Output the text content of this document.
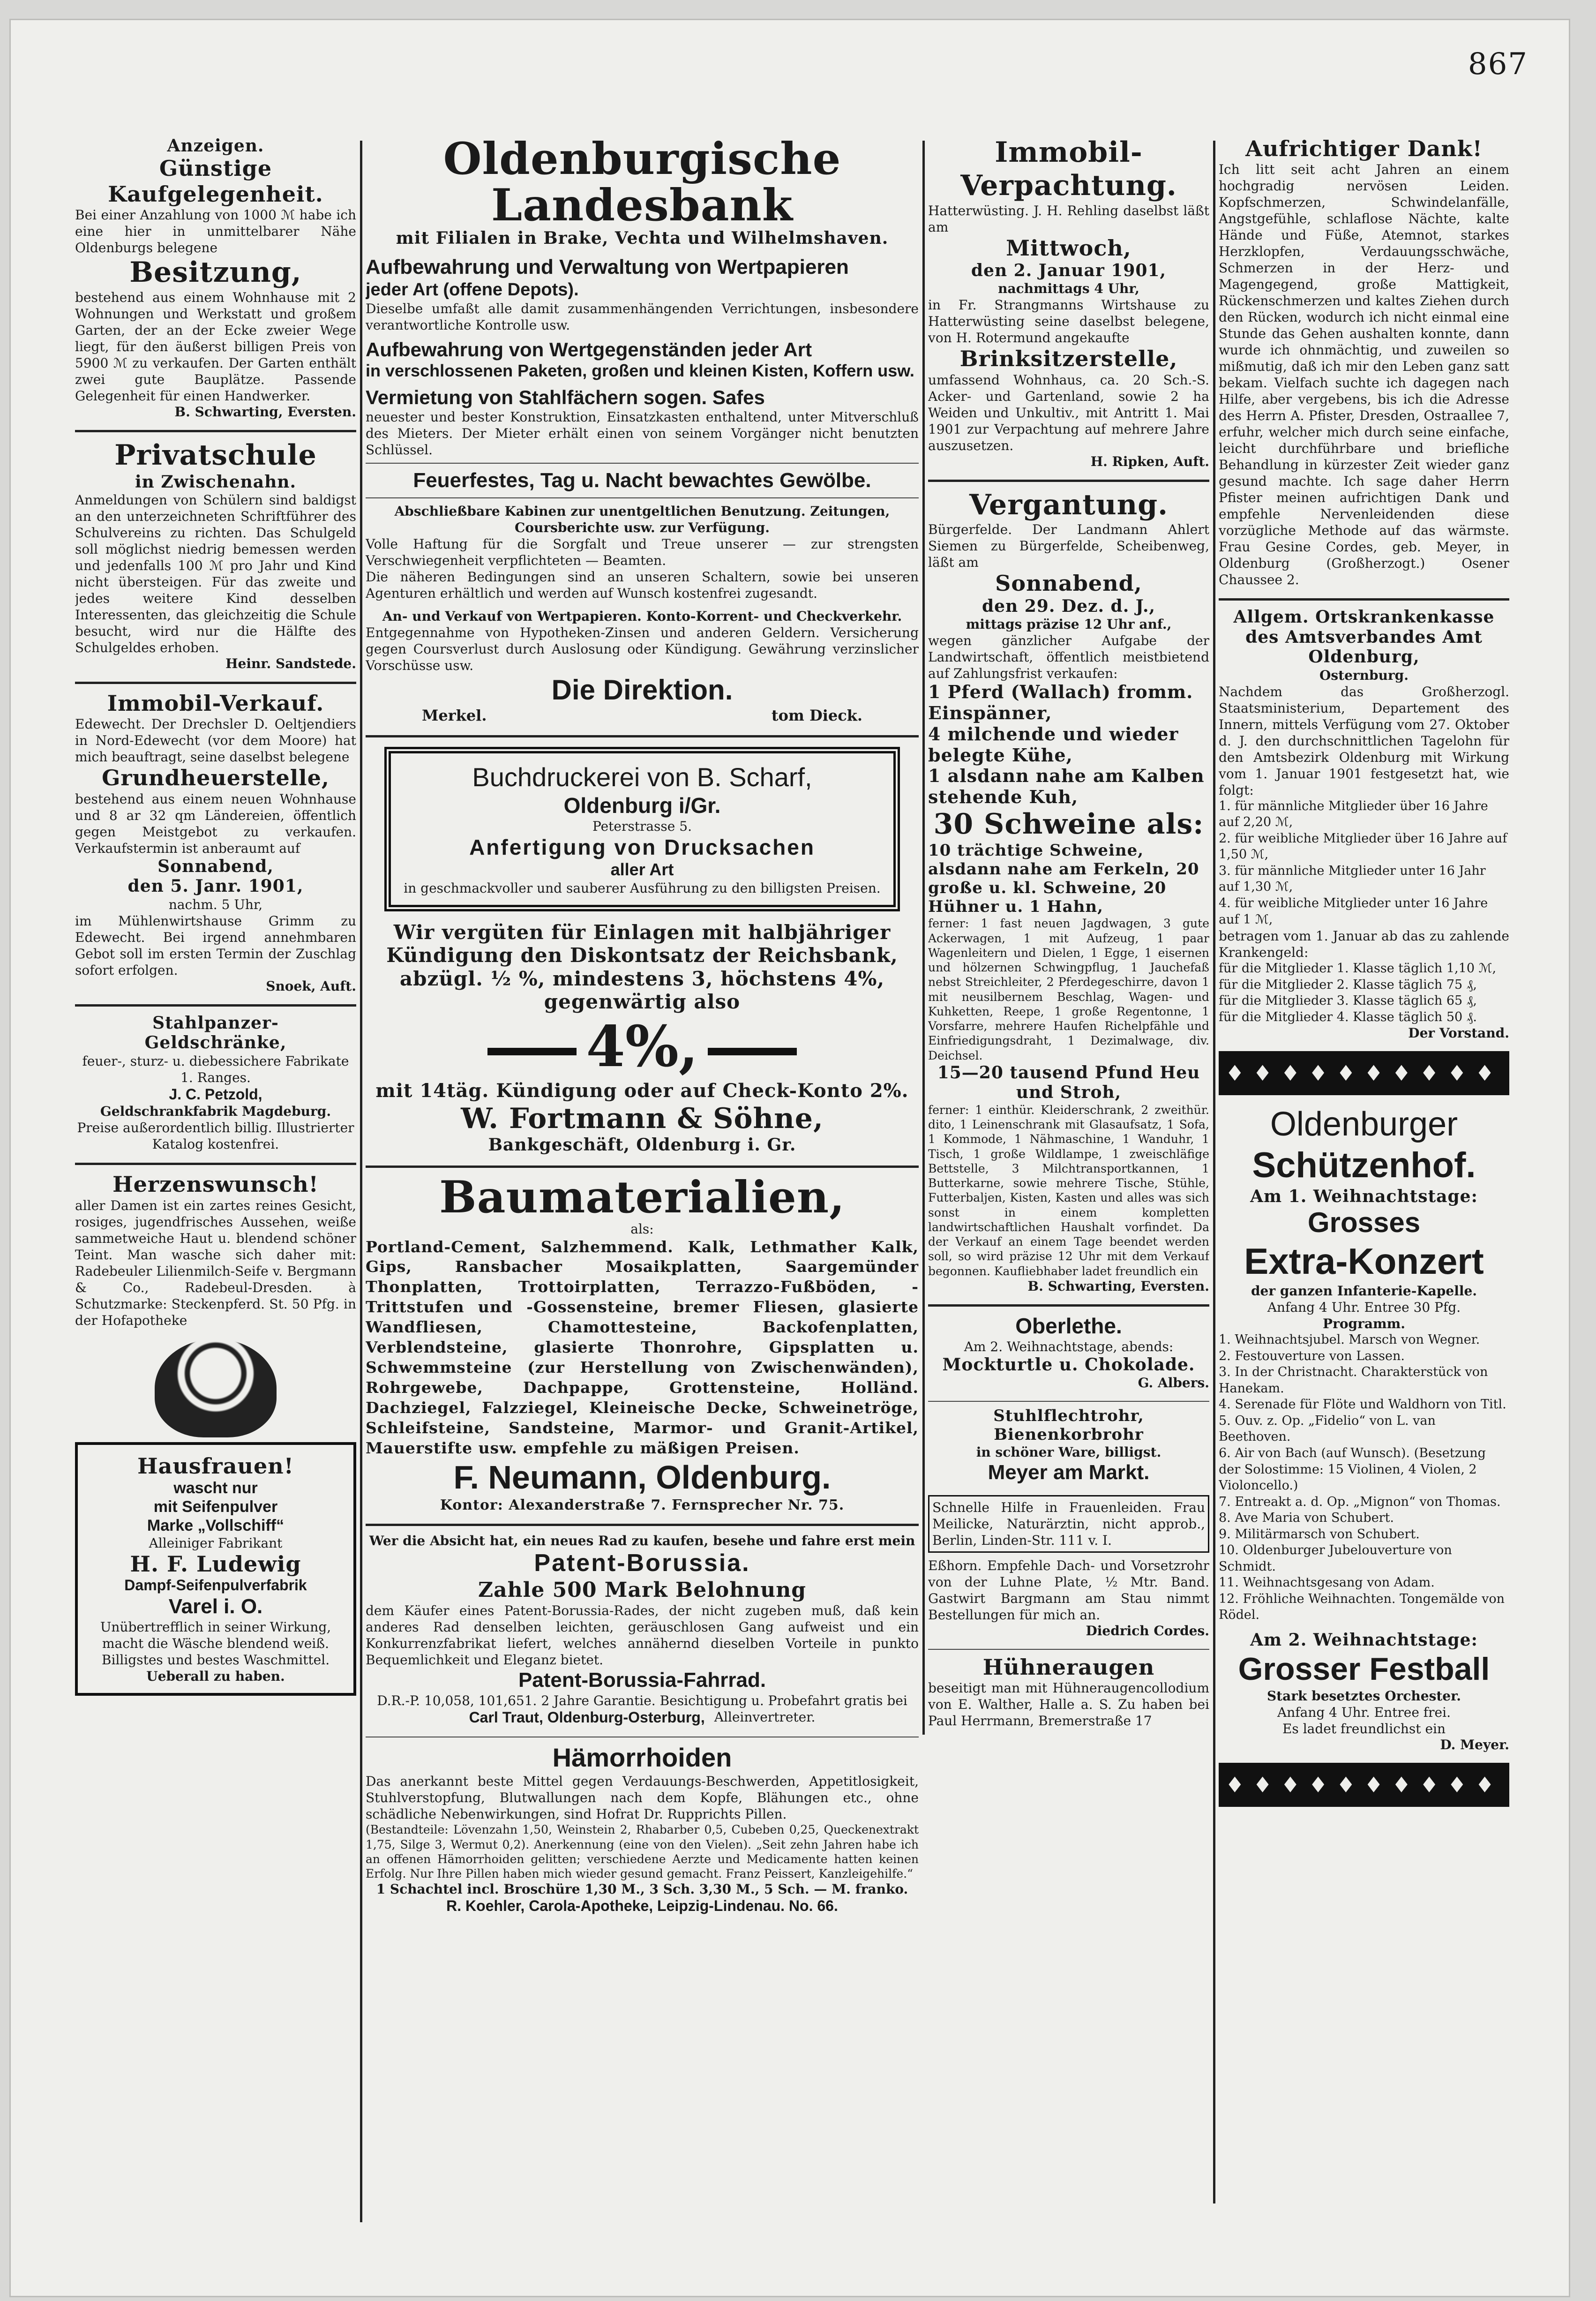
867
Anzeigen.
Günstige
Kaufgelegenheit.
Bei einer Anzahlung von 1000 ℳ habe ich eine hier in unmittelbarer Nähe Oldenburgs belegene
Besitzung,
bestehend aus einem Wohnhause mit 2 Wohnungen und Werkstatt und großem Garten, der an der Ecke zweier Wege liegt, für den äußerst billigen Preis von 5900 ℳ zu verkaufen. Der Garten enthält zwei gute Bauplätze. Passende Gelegenheit für einen Handwerker.
B. Schwarting, Eversten.
Privatschule
in Zwischenahn.
Anmeldungen von Schülern sind baldigst an den unterzeichneten Schriftführer des Schulvereins zu richten. Das Schulgeld soll möglichst niedrig bemessen werden und jedenfalls 100 ℳ pro Jahr und Kind nicht übersteigen. Für das zweite und jedes weitere Kind desselben Interessenten, das gleichzeitig die Schule besucht, wird nur die Hälfte des Schulgeldes erhoben.
Heinr. Sandstede.
Immobil-Verkauf.
Edewecht. Der Drechsler D. Oeltjendiers in Nord-Edewecht (vor dem Moore) hat mich beauftragt, seine daselbst belegene
Grundheuerstelle,
bestehend aus einem neuen Wohnhause und 8 ar 32 qm Ländereien, öffentlich gegen Meistgebot zu verkaufen. Verkaufstermin ist anberaumt auf
Sonnabend,
den 5. Janr. 1901,
nachm. 5 Uhr,
im Mühlenwirtshause Grimm zu Edewecht. Bei irgend annehmbaren Gebot soll im ersten Termin der Zuschlag sofort erfolgen.
Snoek, Auft.
Stahlpanzer-
Geldschränke,
feuer-, sturz- u. diebessichere Fabrikate 1. Ranges.
J. C. Petzold,
Geldschrankfabrik Magdeburg.
Preise außerordentlich billig. Illustrierter Katalog kostenfrei.
Herzenswunsch!
aller Damen ist ein zartes reines Gesicht, rosiges, jugendfrisches Aussehen, weiße sammetweiche Haut u. blendend schöner Teint. Man wasche sich daher mit: Radebeuler Lilienmilch-Seife v. Bergmann & Co., Radebeul-Dresden. à Schutzmarke: Steckenpferd. St. 50 Pfg. in der Hofapotheke
Hausfrauen!
wascht nur
mit Seifenpulver
Marke „Vollschiff“
Alleiniger Fabrikant
H. F. Ludewig
Dampf-Seifenpulverfabrik
Varel i. O.
Unübertrefflich in seiner Wirkung, macht die Wäsche blendend weiß. Billigstes und bestes Waschmittel.
Ueberall zu haben.
Oldenburgische Landesbank
mit Filialen in Brake, Vechta und Wilhelmshaven.
Aufbewahrung und Verwaltung von Wertpapieren
jeder Art (offene Depots).
Dieselbe umfaßt alle damit zusammenhängenden Verrichtungen, insbesondere verantwortliche Kontrolle usw.
Aufbewahrung von Wertgegenständen jeder Art
in verschlossenen Paketen, großen und kleinen Kisten, Koffern usw.
Vermietung von Stahlfächern sogen. Safes
neuester und bester Konstruktion, Einsatzkasten enthaltend, unter Mitverschluß des Mieters. Der Mieter erhält einen von seinem Vorgänger nicht benutzten Schlüssel.
Feuerfestes, Tag u. Nacht bewachtes Gewölbe.
Abschließbare Kabinen zur unentgeltlichen Benutzung. Zeitungen, Coursberichte usw. zur Verfügung.
Volle Haftung für die Sorgfalt und Treue unserer — zur strengsten Verschwiegenheit verpflichteten — Beamten.
Die näheren Bedingungen sind an unseren Schaltern, sowie bei unseren Agenturen erhältlich und werden auf Wunsch kostenfrei zugesandt.
An- und Verkauf von Wertpapieren. Konto-Korrent- und Checkverkehr.
Entgegennahme von Hypotheken-Zinsen und anderen Geldern. Versicherung gegen Coursverlust durch Auslosung oder Kündigung. Gewährung verzinslicher Vorschüsse usw.
Die Direktion.
Merkel.	tom Dieck.
Buchdruckerei von B. Scharf,
Oldenburg i/Gr.
Peterstrasse 5.
Anfertigung von Drucksachen
aller Art
in geschmackvoller und sauberer Ausführung zu den billigsten Preisen.
Wir vergüten für Einlagen mit halbjähriger Kündigung den Diskontsatz der Reichsbank, abzügl. ½ %, mindestens 3, höchstens 4%, gegenwärtig also
4%,
mit 14täg. Kündigung oder auf Check-Konto 2%.
W. Fortmann & Söhne,
Bankgeschäft, Oldenburg i. Gr.
Baumaterialien,
als:
Portland-Cement, Salzhemmend. Kalk, Lethmather Kalk, Gips, Ransbacher Mosaikplatten, Saargemünder Thonplatten, Trottoirplatten, Terrazzo-Fußböden, -Trittstufen und -Gossensteine, bremer Fliesen, glasierte Wandfliesen, Chamottesteine, Backofenplatten, Verblendsteine, glasierte Thonrohre, Gipsplatten u. Schwemmsteine (zur Herstellung von Zwischenwänden), Rohrgewebe, Dachpappe, Grottensteine, Holländ. Dachziegel, Falzziegel, Kleineische Decke, Schweinetröge, Schleifsteine, Sandsteine, Marmor- und Granit-Artikel, Mauerstifte usw. empfehle zu mäßigen Preisen.
F. Neumann, Oldenburg.
Kontor: Alexanderstraße 7. Fernsprecher Nr. 75.
Wer die Absicht hat, ein neues Rad zu kaufen, besehe und fahre erst mein
Patent-Borussia.
Zahle 500 Mark Belohnung
dem Käufer eines Patent-Borussia-Rades, der nicht zugeben muß, daß kein anderes Rad denselben leichten, geräuschlosen Gang aufweist und ein Konkurrenzfabrikat liefert, welches annähernd dieselben Vorteile in punkto Bequemlichkeit und Eleganz bietet.
Patent-Borussia-Fahrrad.
D.R.-P. 10,058, 101,651. 2 Jahre Garantie. Besichtigung u. Probefahrt gratis bei
Carl Traut, Oldenburg-Osterburg, Alleinvertreter.
Hämorrhoiden
Das anerkannt beste Mittel gegen Verdauungs-Beschwerden, Appetitlosigkeit, Stuhlverstopfung, Blutwallungen nach dem Kopfe, Blähungen etc., ohne schädliche Nebenwirkungen, sind Hofrat Dr. Rupprichts Pillen.
(Bestandteile: Lövenzahn 1,50, Weinstein 2, Rhabarber 0,5, Cubeben 0,25, Queckenextrakt 1,75, Silge 3, Wermut 0,2). Anerkennung (eine von den Vielen). „Seit zehn Jahren habe ich an offenen Hämorrhoiden gelitten; verschiedene Aerzte und Medicamente hatten keinen Erfolg. Nur Ihre Pillen haben mich wieder gesund gemacht. Franz Peissert, Kanzleigehilfe.“
1 Schachtel incl. Broschüre 1,30 M., 3 Sch. 3,30 M., 5 Sch. — M. franko.
R. Koehler, Carola-Apotheke, Leipzig-Lindenau. No. 66.
Immobil-
Verpachtung.
Hatterwüsting. J. H. Rehling daselbst läßt am
Mittwoch,
den 2. Januar 1901,
nachmittags 4 Uhr,
in Fr. Strangmanns Wirtshause zu Hatterwüsting seine daselbst belegene, von H. Rotermund angekaufte
Brinksitzerstelle,
umfassend Wohnhaus, ca. 20 Sch.-S. Acker- und Gartenland, sowie 2 ha Weiden und Unkultiv., mit Antritt 1. Mai 1901 zur Verpachtung auf mehrere Jahre auszusetzen.
H. Ripken, Auft.
Vergantung.
Bürgerfelde. Der Landmann Ahlert Siemen zu Bürgerfelde, Scheibenweg, läßt am
Sonnabend,
den 29. Dez. d. J.,
mittags präzise 12 Uhr anf.,
wegen gänzlicher Aufgabe der Landwirtschaft, öffentlich meistbietend auf Zahlungsfrist verkaufen:
1 Pferd (Wallach) fromm. Einspänner,
4 milchende und wieder belegte Kühe,
1 alsdann nahe am Kalben stehende Kuh,
30 Schweine als:
10 trächtige Schweine, alsdann nahe am Ferkeln, 20 große u. kl. Schweine, 20 Hühner u. 1 Hahn,
ferner: 1 fast neuen Jagdwagen, 3 gute Ackerwagen, 1 mit Aufzeug, 1 paar Wagenleitern und Dielen, 1 Egge, 1 eisernen und hölzernen Schwingpflug, 1 Jauchefaß nebst Streichleiter, 2 Pferdegeschirre, davon 1 mit neusilbernem Beschlag, Wagen- und Kuhketten, Reepe, 1 große Regentonne, 1 Vorsfarre, mehrere Haufen Richelpfähle und Einfriedigungsdraht, 1 Dezimalwage, div. Deichsel.
15—20 tausend Pfund Heu und Stroh,
ferner: 1 einthür. Kleiderschrank, 2 zweithür. dito, 1 Leinenschrank mit Glasaufsatz, 1 Sofa, 1 Kommode, 1 Nähmaschine, 1 Wanduhr, 1 Tisch, 1 große Wildlampe, 1 zweischläfige Bettstelle, 3 Milchtransportkannen, 1 Butterkarne, sowie mehrere Tische, Stühle, Futterbaljen, Kisten, Kasten und alles was sich sonst in einem kompletten landwirtschaftlichen Haushalt vorfindet. Da der Verkauf an einem Tage beendet werden soll, so wird präzise 12 Uhr mit dem Verkauf begonnen. Kaufliebhaber ladet freundlich ein
B. Schwarting, Eversten.
Oberlethe.
Am 2. Weihnachtstage, abends:
Mockturtle u. Chokolade.
G. Albers.
Stuhlflechtrohr, Bienenkorbrohr
in schöner Ware, billigst.
Meyer am Markt.
Schnelle Hilfe in Frauenleiden. Frau Meilicke, Naturärztin, nicht approb., Berlin, Linden-Str. 111 v. I.
Eßhorn. Empfehle Dach- und Vorsetzrohr von der Luhne Plate, ½ Mtr. Band. Gastwirt Bargmann am Stau nimmt Bestellungen für mich an.
Diedrich Cordes.
Hühneraugen
beseitigt man mit Hühneraugencollodium von E. Walther, Halle a. S. Zu haben bei Paul Herrmann, Bremerstraße 17
Aufrichtiger Dank!
Ich litt seit acht Jahren an einem hochgradig nervösen Leiden. Kopfschmerzen, Schwindelanfälle, Angstgefühle, schlaflose Nächte, kalte Hände und Füße, Atemnot, starkes Herzklopfen, Verdauungsschwäche, Schmerzen in der Herz- und Magengegend, große Mattigkeit, Rückenschmerzen und kaltes Ziehen durch den Rücken, wodurch ich nicht einmal eine Stunde das Gehen aushalten konnte, dann wurde ich ohnmächtig, und zuweilen so mißmutig, daß ich mir den Leben ganz satt bekam. Vielfach suchte ich dagegen nach Hilfe, aber vergebens, bis ich die Adresse des Herrn A. Pfister, Dresden, Ostraallee 7, erfuhr, welcher mich durch seine einfache, leicht durchführbare und briefliche Behandlung in kürzester Zeit wieder ganz gesund machte. Ich sage daher Herrn Pfister meinen aufrichtigen Dank und empfehle Nervenleidenden diese vorzügliche Methode auf das wärmste. Frau Gesine Cordes, geb. Meyer, in Oldenburg (Großherzogt.) Osener Chaussee 2.
Allgem. Ortskrankenkasse
des Amtsverbandes Amt
Oldenburg,
Osternburg.
Nachdem das Großherzogl. Staatsministerium, Departement des Innern, mittels Verfügung vom 27. Oktober d. J. den durchschnittlichen Tagelohn für den Amtsbezirk Oldenburg mit Wirkung vom 1. Januar 1901 festgesetzt hat, wie folgt:
1. für männliche Mitglieder über 16 Jahre auf 2,20 ℳ,
2. für weibliche Mitglieder über 16 Jahre auf 1,50 ℳ,
3. für männliche Mitglieder unter 16 Jahr auf 1,30 ℳ,
4. für weibliche Mitglieder unter 16 Jahre auf 1 ℳ,
betragen vom 1. Januar ab das zu zahlende Krankengeld:
für die Mitglieder 1. Klasse täglich 1,10 ℳ,
für die Mitglieder 2. Klasse täglich 75 ₰,
für die Mitglieder 3. Klasse täglich 65 ₰,
für die Mitglieder 4. Klasse täglich 50 ₰.
Der Vorstand.
♦♦♦♦♦♦♦♦♦♦
Oldenburger
Schützenhof.
Am 1. Weihnachtstage:
Grosses
Extra-Konzert
der ganzen Infanterie-Kapelle.
Anfang 4 Uhr. Entree 30 Pfg.
Programm.
1. Weihnachtsjubel. Marsch von Wegner.
2. Festouverture von Lassen.
3. In der Christnacht. Charakterstück von Hanekam.
4. Serenade für Flöte und Waldhorn von Titl.
5. Ouv. z. Op. „Fidelio“ von L. van Beethoven.
6. Air von Bach (auf Wunsch). (Besetzung der Solostimme: 15 Violinen, 4 Violen, 2 Violoncello.)
7. Entreakt a. d. Op. „Mignon“ von Thomas.
8. Ave Maria von Schubert.
9. Militärmarsch von Schubert.
10. Oldenburger Jubelouverture von Schmidt.
11. Weihnachtsgesang von Adam.
12. Fröhliche Weihnachten. Tongemälde von Rödel.
Am 2. Weihnachtstage:
Grosser Festball
Stark besetztes Orchester.
Anfang 4 Uhr. Entree frei.
Es ladet freundlichst ein
D. Meyer.
♦♦♦♦♦♦♦♦♦♦
